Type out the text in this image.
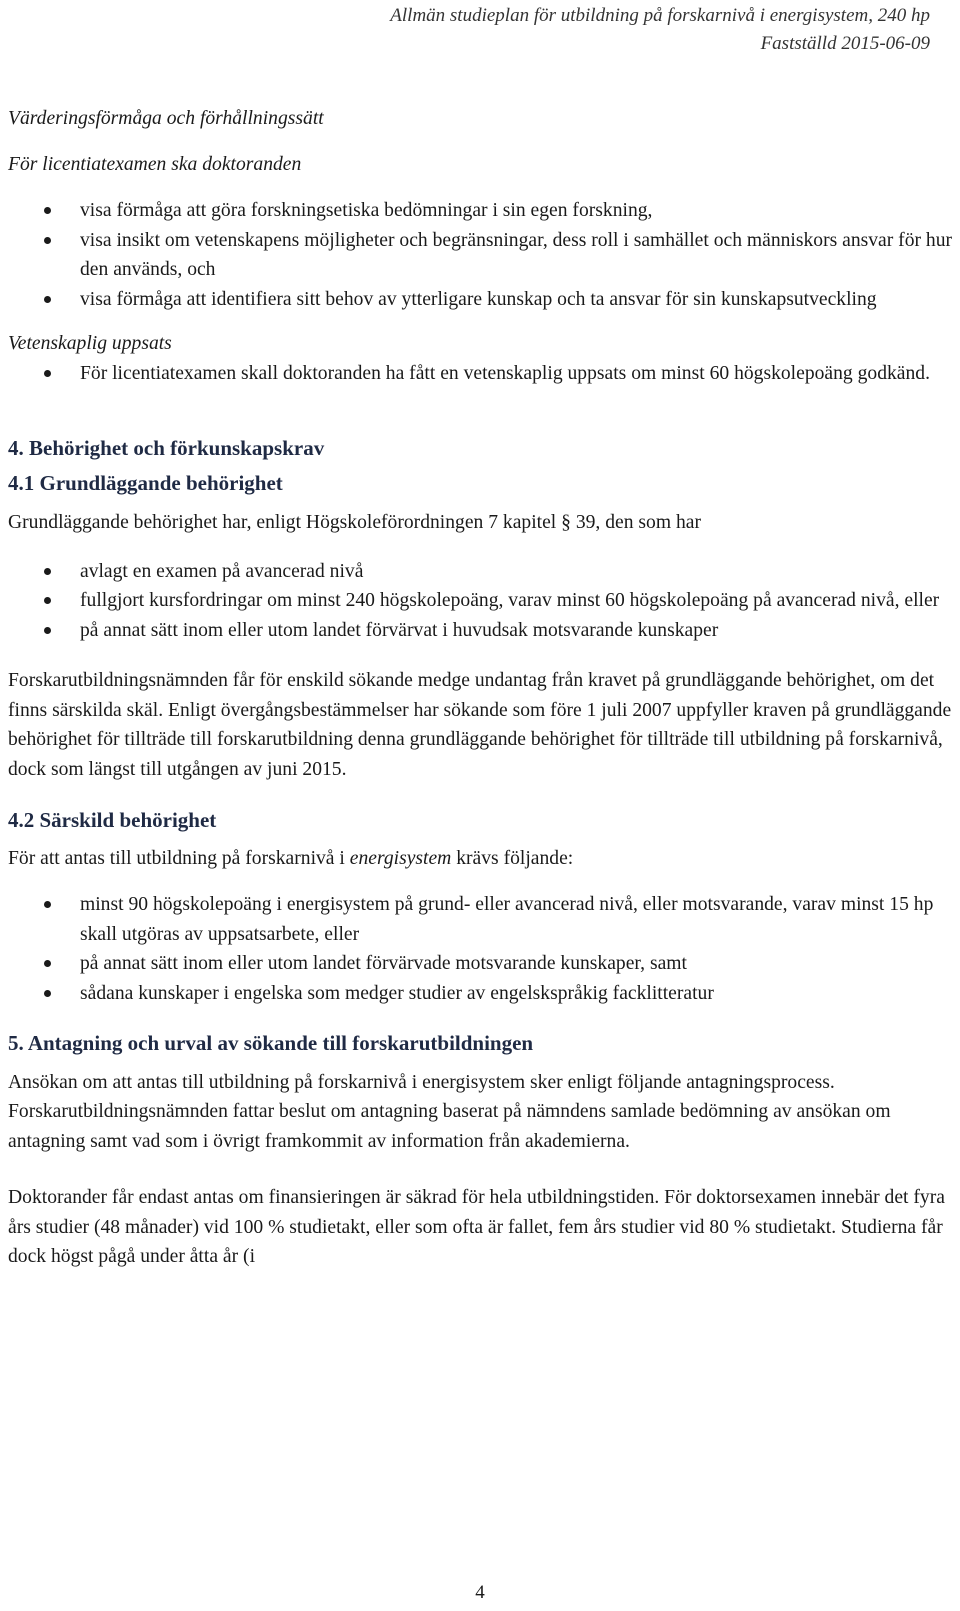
Allmän studieplan för utbildning på forskarnivå i energisystem, 240 hp
Fastställd 2015-06-09

Värderingsförmåga och förhållningssätt

För licentiatexamen ska doktoranden

visa förmåga att göra forskningsetiska bedömningar i sin egen forskning,
visa insikt om vetenskapens möjligheter och begränsningar, dess roll i samhället och människors ansvar för hur den används, och
visa förmåga att identifiera sitt behov av ytterligare kunskap och ta ansvar för sin kunskapsutveckling

Vetenskaplig uppsats

För licentiatexamen skall doktoranden ha fått en vetenskaplig uppsats om minst 60 högskolepoäng godkänd.

4. Behörighet och förkunskapskrav

4.1 Grundläggande behörighet

Grundläggande behörighet har, enligt Högskoleförordningen 7 kapitel § 39, den som har

avlagt en examen på avancerad nivå
fullgjort kursfordringar om minst 240 högskolepoäng, varav minst 60 högskolepoäng på avancerad nivå, eller
på annat sätt inom eller utom landet förvärvat i huvudsak motsvarande kunskaper

Forskarutbildningsnämnden får för enskild sökande medge undantag från kravet på grundläggande behörighet, om det finns särskilda skäl. Enligt övergångsbestämmelser har sökande som före 1 juli 2007 uppfyller kraven på grundläggande behörighet för tillträde till forskarutbildning denna grundläggande behörighet för tillträde till utbildning på forskarnivå, dock som längst till utgången av juni 2015.

4.2 Särskild behörighet

För att antas till utbildning på forskarnivå i energisystem krävs följande:

minst 90 högskolepoäng i energisystem på grund- eller avancerad nivå, eller motsvarande, varav minst 15 hp skall utgöras av uppsatsarbete, eller
på annat sätt inom eller utom landet förvärvade motsvarande kunskaper, samt
sådana kunskaper i engelska som medger studier av engelskspråkig facklitteratur

5. Antagning och urval av sökande till forskarutbildningen

Ansökan om att antas till utbildning på forskarnivå i energisystem sker enligt följande antagningsprocess. Forskarutbildningsnämnden fattar beslut om antagning baserat på nämndens samlade bedömning av ansökan om antagning samt vad som i övrigt framkommit av information från akademierna.

Doktorander får endast antas om finansieringen är säkrad för hela utbildningstiden. För doktorsexamen innebär det fyra års studier (48 månader) vid 100 % studietakt, eller som ofta är fallet, fem års studier vid 80 % studietakt. Studierna får dock högst pågå under åtta år (i

4
